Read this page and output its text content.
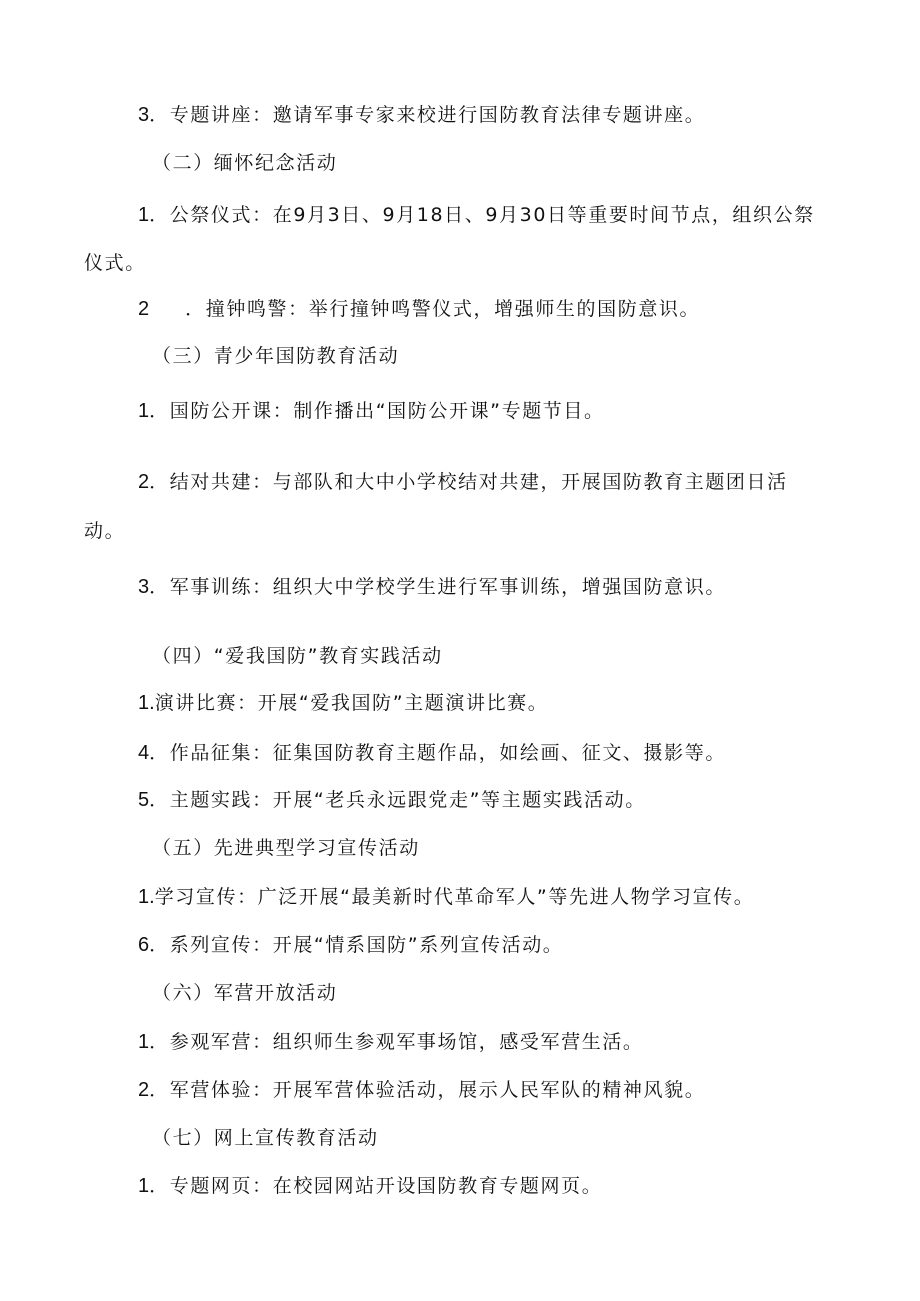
3．专题讲座：邀请军事专家来校进行国防教育法律专题讲座。
（二）缅怀纪念活动
1．公祭仪式：在9月3日、9月18日、9月30日等重要时间节点，组织公祭
仪式。
2 ．撞钟鸣警：举行撞钟鸣警仪式，增强师生的国防意识。
（三）青少年国防教育活动
1．国防公开课：制作播出“国防公开课”专题节目。
2．结对共建：与部队和大中小学校结对共建，开展国防教育主题团日活
动。
3．军事训练：组织大中学校学生进行军事训练，增强国防意识。
（四）“爱我国防”教育实践活动
1.演讲比赛：开展“爱我国防”主题演讲比赛。
4．作品征集：征集国防教育主题作品，如绘画、征文、摄影等。
5．主题实践：开展“老兵永远跟党走”等主题实践活动。
（五）先进典型学习宣传活动
1.学习宣传：广泛开展“最美新时代革命军人”等先进人物学习宣传。
6．系列宣传：开展“情系国防”系列宣传活动。
（六）军营开放活动
1．参观军营：组织师生参观军事场馆，感受军营生活。
2．军营体验：开展军营体验活动，展示人民军队的精神风貌。
（七）网上宣传教育活动
1．专题网页：在校园网站开设国防教育专题网页。
